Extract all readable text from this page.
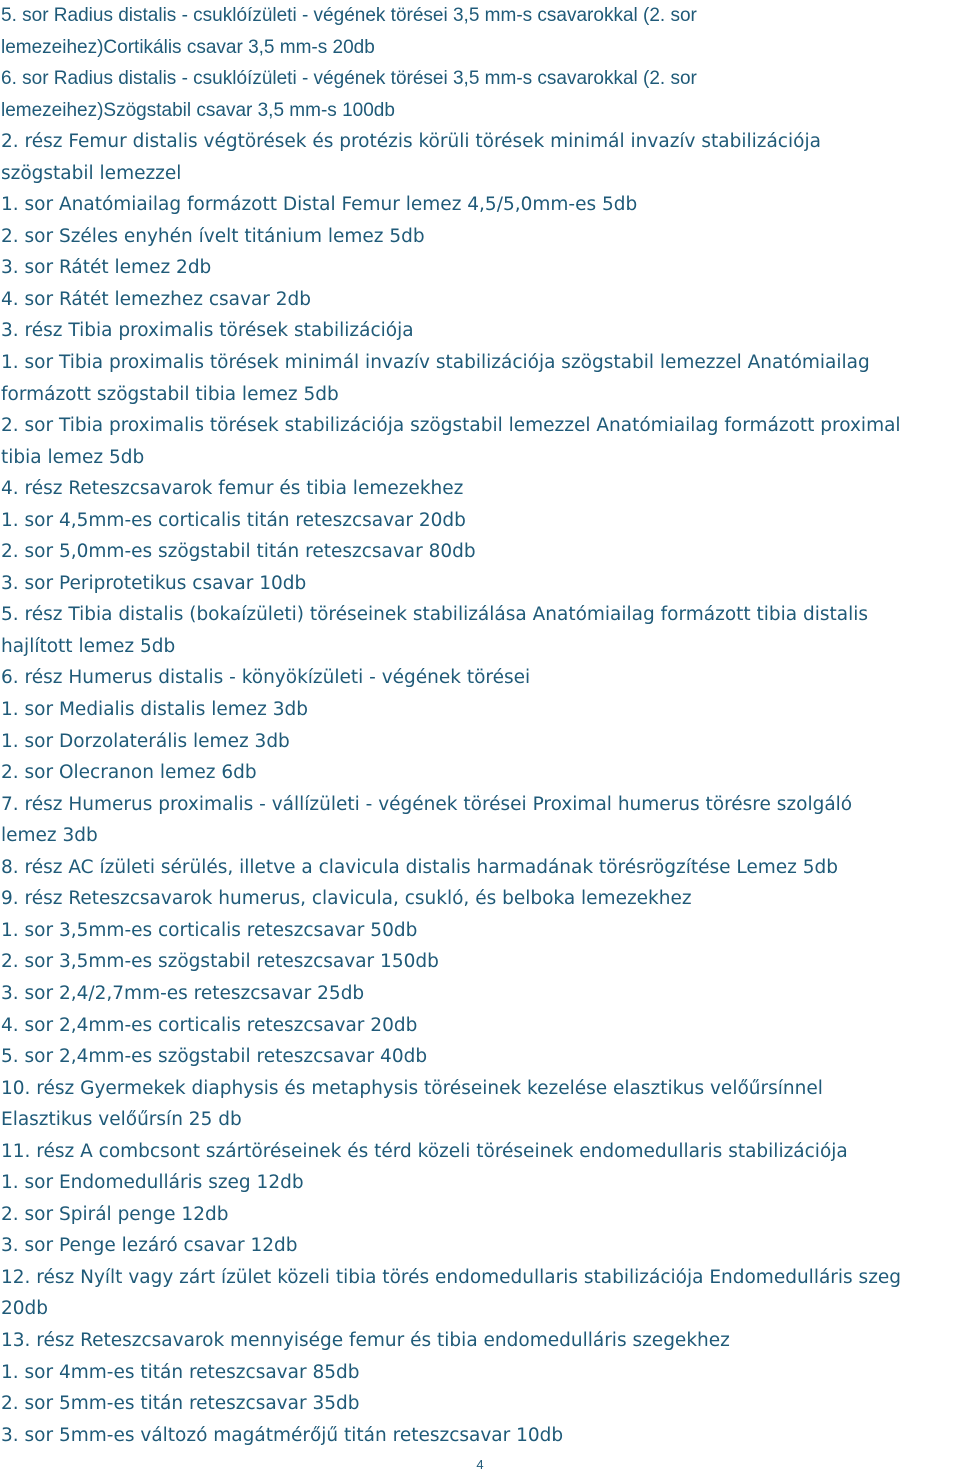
5. sor Radius distalis - csuklóízületi - végének törései 3,5 mm-s csavarokkal (2. sor
lemezeihez)Cortikális csavar 3,5 mm-s 20db
6. sor Radius distalis - csuklóízületi - végének törései 3,5 mm-s csavarokkal (2. sor
lemezeihez)Szögstabil csavar 3,5 mm-s 100db
2. rész Femur distalis végtörések és protézis körüli törések minimál invazív stabilizációja
szögstabil lemezzel
1. sor Anatómiailag formázott Distal Femur lemez 4,5/5,0mm-es 5db
2. sor Széles enyhén ívelt titánium lemez 5db
3. sor Rátét lemez 2db
4. sor Rátét lemezhez csavar 2db
3. rész Tibia proximalis törések stabilizációja
1. sor Tibia proximalis törések minimál invazív stabilizációja szögstabil lemezzel Anatómiailag
formázott szögstabil tibia lemez 5db
2. sor Tibia proximalis törések stabilizációja szögstabil lemezzel Anatómiailag formázott proximal
tibia lemez 5db
4. rész Reteszcsavarok femur és tibia lemezekhez
1. sor 4,5mm-es corticalis titán reteszcsavar 20db
2. sor 5,0mm-es szögstabil titán reteszcsavar 80db
3. sor Periprotetikus csavar 10db
5. rész Tibia distalis (bokaízületi) töréseinek stabilizálása Anatómiailag formázott tibia distalis
hajlított lemez 5db
6. rész Humerus distalis - könyökízületi - végének törései
1. sor Medialis distalis lemez 3db
1. sor Dorzolaterális lemez 3db
2. sor Olecranon lemez 6db
7. rész Humerus proximalis - vállízületi - végének törései Proximal humerus törésre szolgáló
lemez 3db
8. rész AC ízületi sérülés, illetve a clavicula distalis harmadának törésrögzítése Lemez 5db
9. rész Reteszcsavarok humerus, clavicula, csukló, és belboka lemezekhez
1. sor 3,5mm-es corticalis reteszcsavar 50db
2. sor 3,5mm-es szögstabil reteszcsavar 150db
3. sor 2,4/2,7mm-es reteszcsavar 25db
4. sor 2,4mm-es corticalis reteszcsavar 20db
5. sor 2,4mm-es szögstabil reteszcsavar 40db
10. rész Gyermekek diaphysis és metaphysis töréseinek kezelése elasztikus velőűrsínnel
Elasztikus velőűrsín 25 db
11. rész A combcsont szártöréseinek és térd közeli töréseinek endomedullaris stabilizációja
1. sor Endomedulláris szeg 12db
2. sor Spirál penge 12db
3. sor Penge lezáró csavar 12db
12. rész Nyílt vagy zárt ízület közeli tibia törés endomedullaris stabilizációja Endomedulláris szeg
20db
13. rész Reteszcsavarok mennyisége femur és tibia endomedulláris szegekhez
1. sor 4mm-es titán reteszcsavar 85db
2. sor 5mm-es titán reteszcsavar 35db
3. sor 5mm-es változó magátmérőjű titán reteszcsavar 10db
4
